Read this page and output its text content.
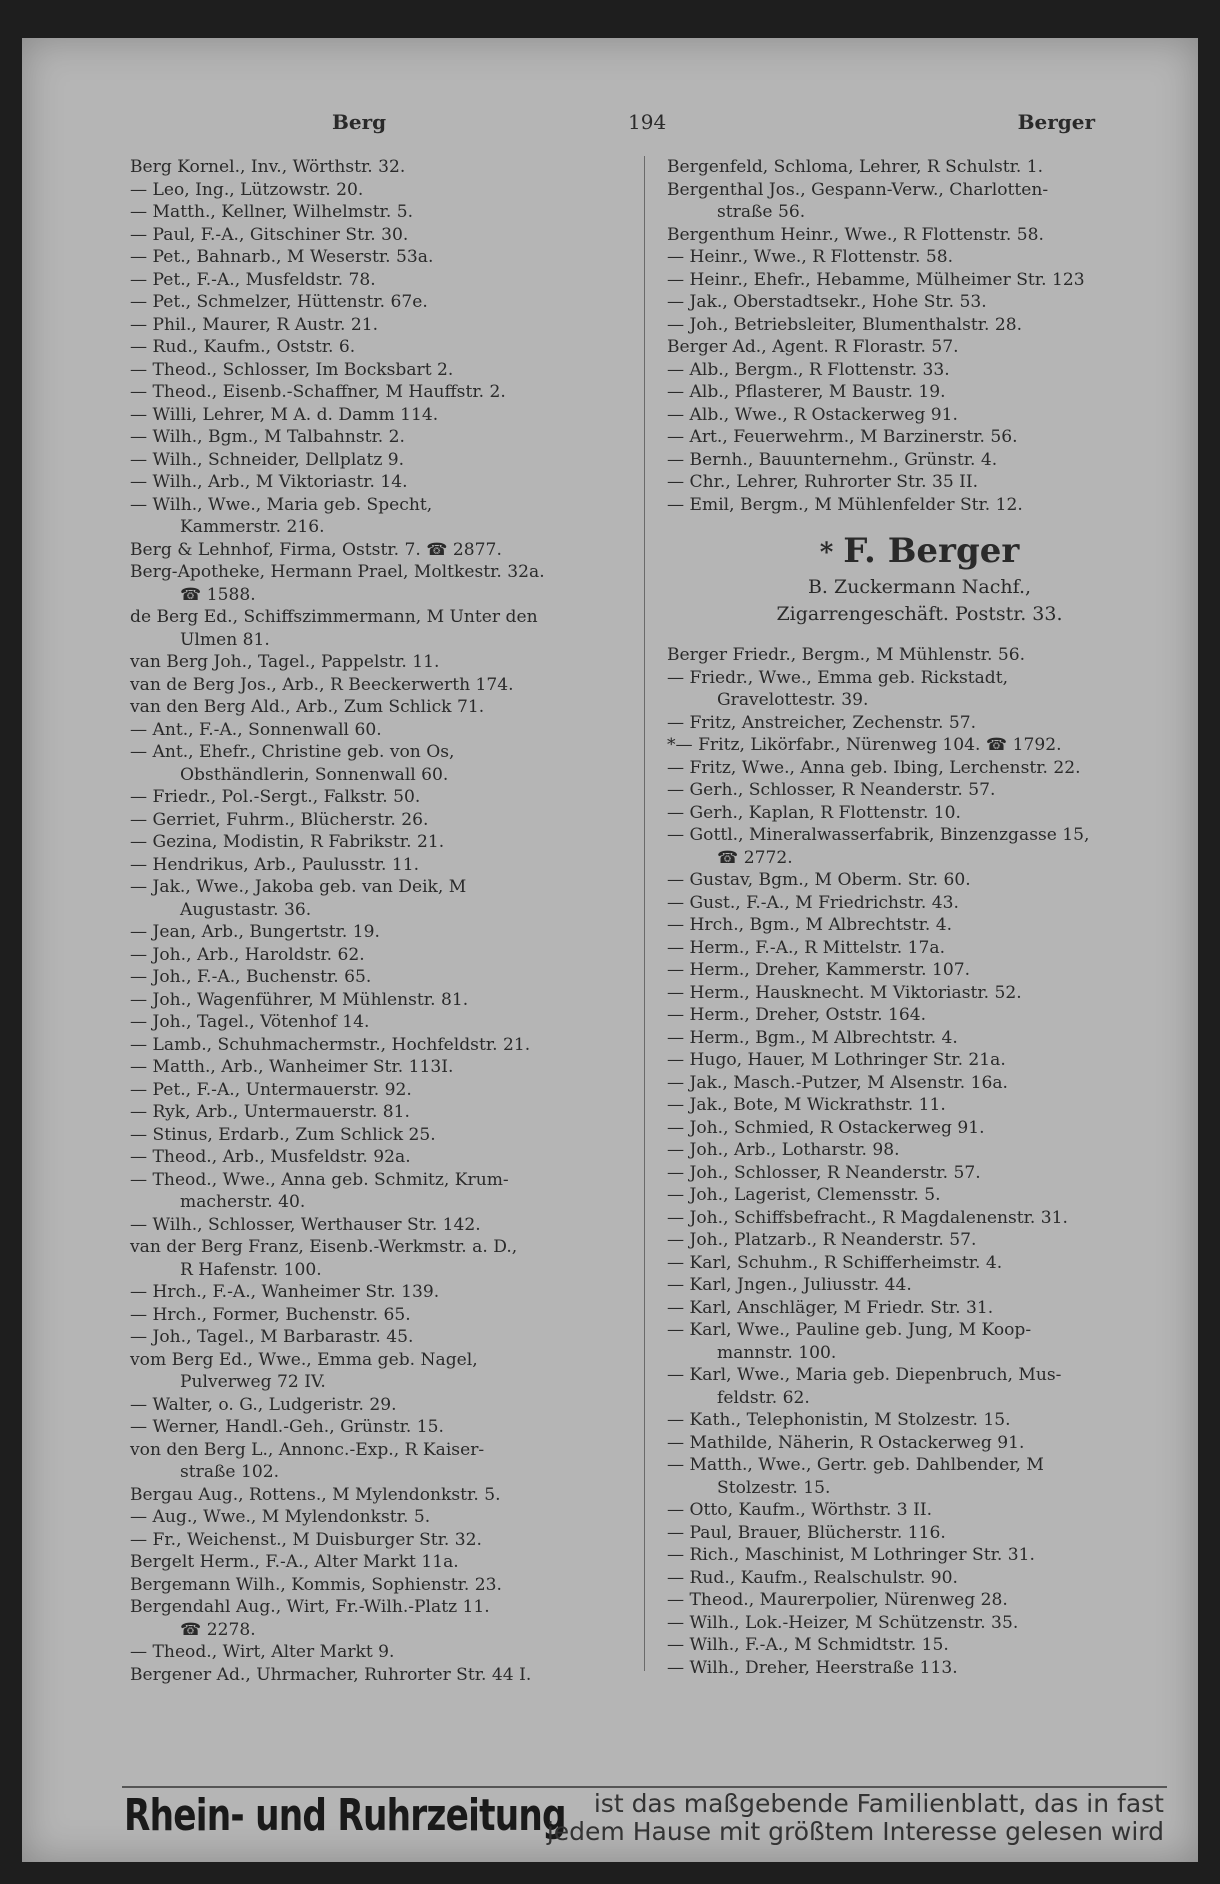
Berg	194	Berger
Berg Kornel., Inv., Wörthstr. 32.
— Leo, Ing., Lützowstr. 20.
— Matth., Kellner, Wilhelmstr. 5.
— Paul, F.-A., Gitschiner Str. 30.
— Pet., Bahnarb., M Weserstr. 53a.
— Pet., F.-A., Musfeldstr. 78.
— Pet., Schmelzer, Hüttenstr. 67e.
— Phil., Maurer, R Austr. 21.
— Rud., Kaufm., Oststr. 6.
— Theod., Schlosser, Im Bocksbart 2.
— Theod., Eisenb.-Schaffner, M Hauffstr. 2.
— Willi, Lehrer, M A. d. Damm 114.
— Wilh., Bgm., M Talbahnstr. 2.
— Wilh., Schneider, Dellplatz 9.
— Wilh., Arb., M Viktoriastr. 14.
— Wilh., Wwe., Maria geb. Specht,
Kammerstr. 216.
Berg & Lehnhof, Firma, Oststr. 7. ☎ 2877.
Berg-Apotheke, Hermann Prael, Moltkestr. 32a.
☎ 1588.
de Berg Ed., Schiffszimmermann, M Unter den
Ulmen 81.
van Berg Joh., Tagel., Pappelstr. 11.
van de Berg Jos., Arb., R Beeckerwerth 174.
van den Berg Ald., Arb., Zum Schlick 71.
— Ant., F.-A., Sonnenwall 60.
— Ant., Ehefr., Christine geb. von Os,
Obsthändlerin, Sonnenwall 60.
— Friedr., Pol.-Sergt., Falkstr. 50.
— Gerriet, Fuhrm., Blücherstr. 26.
— Gezina, Modistin, R Fabrikstr. 21.
— Hendrikus, Arb., Paulusstr. 11.
— Jak., Wwe., Jakoba geb. van Deik, M
Augustastr. 36.
— Jean, Arb., Bungertstr. 19.
— Joh., Arb., Haroldstr. 62.
— Joh., F.-A., Buchenstr. 65.
— Joh., Wagenführer, M Mühlenstr. 81.
— Joh., Tagel., Vötenhof 14.
— Lamb., Schuhmachermstr., Hochfeldstr. 21.
— Matth., Arb., Wanheimer Str. 113I.
— Pet., F.-A., Untermauerstr. 92.
— Ryk, Arb., Untermauerstr. 81.
— Stinus, Erdarb., Zum Schlick 25.
— Theod., Arb., Musfeldstr. 92a.
— Theod., Wwe., Anna geb. Schmitz, Krum-
macherstr. 40.
— Wilh., Schlosser, Werthauser Str. 142.
van der Berg Franz, Eisenb.-Werkmstr. a. D.,
R Hafenstr. 100.
— Hrch., F.-A., Wanheimer Str. 139.
— Hrch., Former, Buchenstr. 65.
— Joh., Tagel., M Barbarastr. 45.
vom Berg Ed., Wwe., Emma geb. Nagel,
Pulverweg 72 IV.
— Walter, o. G., Ludgeristr. 29.
— Werner, Handl.-Geh., Grünstr. 15.
von den Berg L., Annonc.-Exp., R Kaiser-
straße 102.
Bergau Aug., Rottens., M Mylendonkstr. 5.
— Aug., Wwe., M Mylendonkstr. 5.
— Fr., Weichenst., M Duisburger Str. 32.
Bergelt Herm., F.-A., Alter Markt 11a.
Bergemann Wilh., Kommis, Sophienstr. 23.
Bergendahl Aug., Wirt, Fr.-Wilh.-Platz 11.
☎ 2278.
— Theod., Wirt, Alter Markt 9.
Bergener Ad., Uhrmacher, Ruhrorter Str. 44 I.
Bergenfeld, Schloma, Lehrer, R Schulstr. 1.
Bergenthal Jos., Gespann-Verw., Charlotten-
straße 56.
Bergenthum Heinr., Wwe., R Flottenstr. 58.
— Heinr., Wwe., R Flottenstr. 58.
— Heinr., Ehefr., Hebamme, Mülheimer Str. 123
— Jak., Oberstadtsekr., Hohe Str. 53.
— Joh., Betriebsleiter, Blumenthalstr. 28.
Berger Ad., Agent. R Florastr. 57.
— Alb., Bergm., R Flottenstr. 33.
— Alb., Pflasterer, M Baustr. 19.
— Alb., Wwe., R Ostackerweg 91.
— Art., Feuerwehrm., M Barzinerstr. 56.
— Bernh., Bauunternehm., Grünstr. 4.
— Chr., Lehrer, Ruhrorter Str. 35 II.
— Emil, Bergm., M Mühlenfelder Str. 12.
* F. Berger
B. Zuckermann Nachf.,
Zigarrengeschäft. Poststr. 33.
Berger Friedr., Bergm., M Mühlenstr. 56.
— Friedr., Wwe., Emma geb. Rickstadt,
Gravelottestr. 39.
— Fritz, Anstreicher, Zechenstr. 57.
*— Fritz, Likörfabr., Nürenweg 104. ☎ 1792.
— Fritz, Wwe., Anna geb. Ibing, Lerchenstr. 22.
— Gerh., Schlosser, R Neanderstr. 57.
— Gerh., Kaplan, R Flottenstr. 10.
— Gottl., Mineralwasserfabrik, Binzenzgasse 15,
☎ 2772.
— Gustav, Bgm., M Oberm. Str. 60.
— Gust., F.-A., M Friedrichstr. 43.
— Hrch., Bgm., M Albrechtstr. 4.
— Herm., F.-A., R Mittelstr. 17a.
— Herm., Dreher, Kammerstr. 107.
— Herm., Hausknecht. M Viktoriastr. 52.
— Herm., Dreher, Oststr. 164.
— Herm., Bgm., M Albrechtstr. 4.
— Hugo, Hauer, M Lothringer Str. 21a.
— Jak., Masch.-Putzer, M Alsenstr. 16a.
— Jak., Bote, M Wickrathstr. 11.
— Joh., Schmied, R Ostackerweg 91.
— Joh., Arb., Lotharstr. 98.
— Joh., Schlosser, R Neanderstr. 57.
— Joh., Lagerist, Clemensstr. 5.
— Joh., Schiffsbefracht., R Magdalenenstr. 31.
— Joh., Platzarb., R Neanderstr. 57.
— Karl, Schuhm., R Schifferheimstr. 4.
— Karl, Jngen., Juliusstr. 44.
— Karl, Anschläger, M Friedr. Str. 31.
— Karl, Wwe., Pauline geb. Jung, M Koop-
mannstr. 100.
— Karl, Wwe., Maria geb. Diepenbruch, Mus-
feldstr. 62.
— Kath., Telephonistin, M Stolzestr. 15.
— Mathilde, Näherin, R Ostackerweg 91.
— Matth., Wwe., Gertr. geb. Dahlbender, M
Stolzestr. 15.
— Otto, Kaufm., Wörthstr. 3 II.
— Paul, Brauer, Blücherstr. 116.
— Rich., Maschinist, M Lothringer Str. 31.
— Rud., Kaufm., Realschulstr. 90.
— Theod., Maurerpolier, Nürenweg 28.
— Wilh., Lok.-Heizer, M Schützenstr. 35.
— Wilh., F.-A., M Schmidtstr. 15.
— Wilh., Dreher, Heerstraße 113.
Rhein- und Ruhrzeitung	ist das maßgebende Familienblatt, das in fast
jedem Hause mit größtem Interesse gelesen wird
